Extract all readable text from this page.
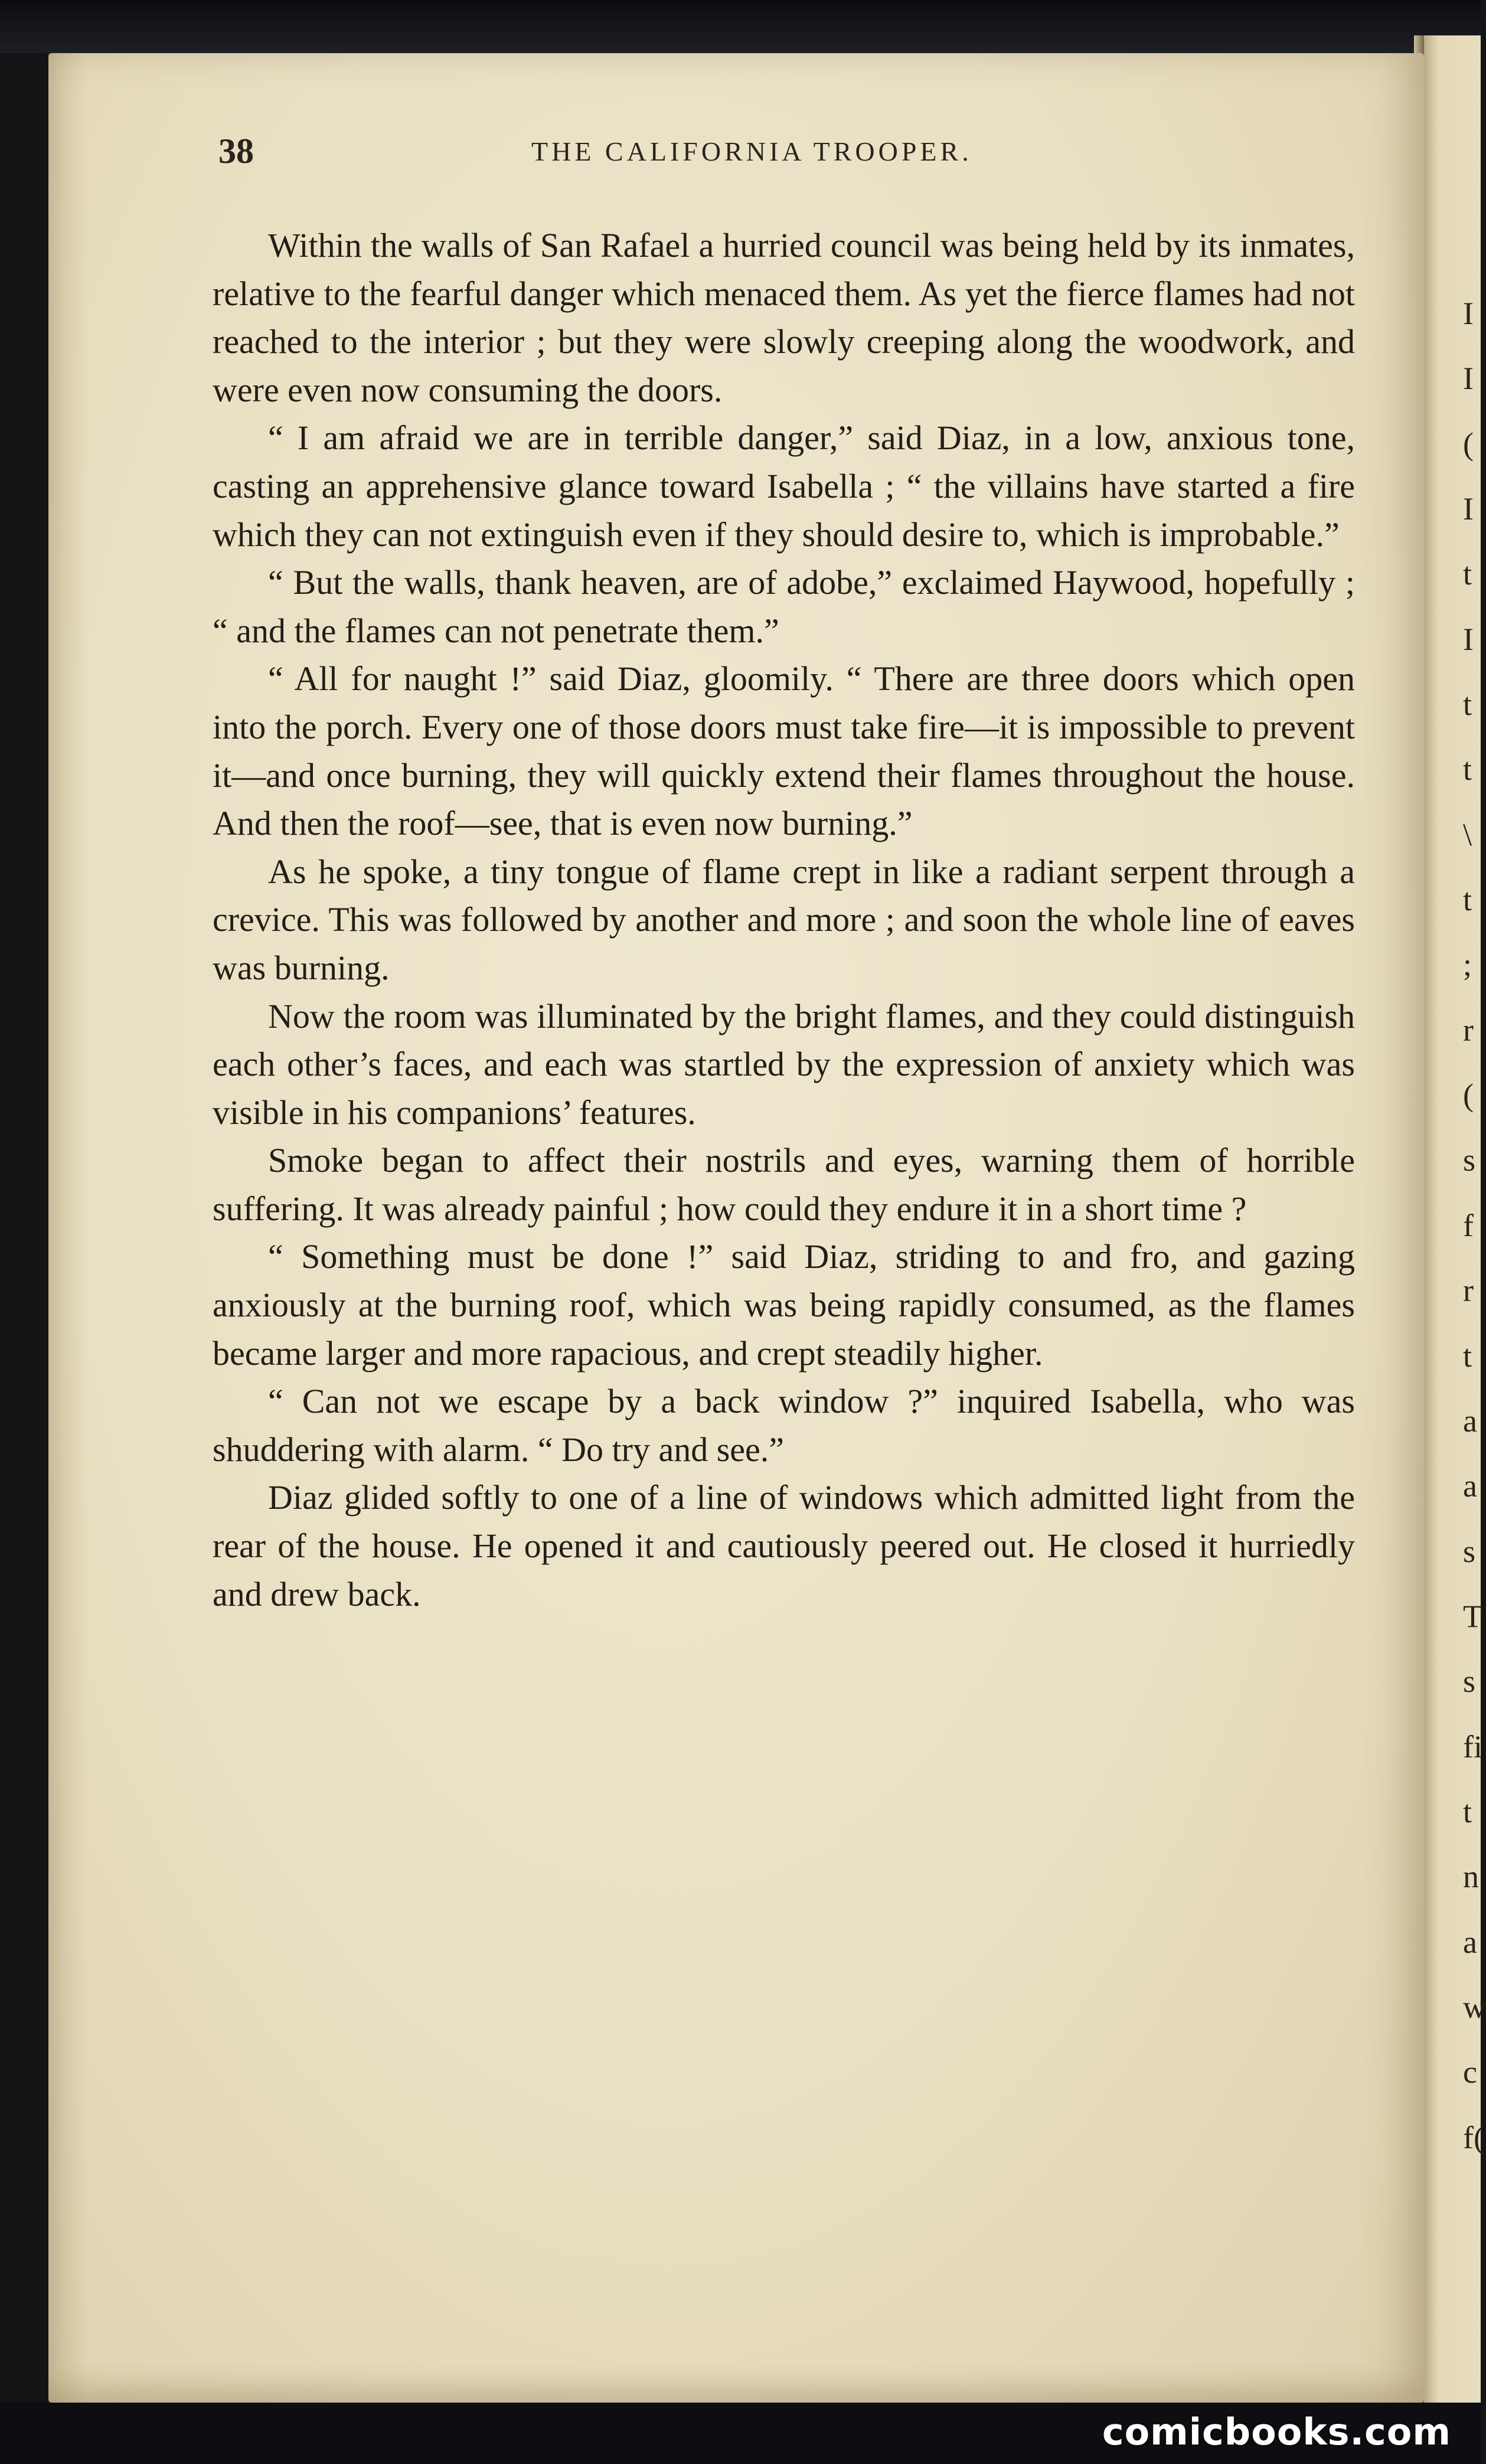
38	THE CALIFORNIA TROOPER.

Within the walls of San Rafael a hurried council was being held by its inmates, relative to the fearful danger which menaced them. As yet the fierce flames had not reached to the interior ; but they were slowly creeping along the woodwork, and were even now consuming the doors.

“ I am afraid we are in terrible danger,” said Diaz, in a low, anxious tone, casting an apprehensive glance toward Isabella ; “ the villains have started a fire which they can not extinguish even if they should desire to, which is improbable.”

“ But the walls, thank heaven, are of adobe,” exclaimed Haywood, hopefully ; “ and the flames can not penetrate them.”

“ All for naught !” said Diaz, gloomily. “ There are three doors which open into the porch. Every one of those doors must take fire—it is impossible to prevent it—and once burning, they will quickly extend their flames throughout the house. And then the roof—see, that is even now burning.”

As he spoke, a tiny tongue of flame crept in like a radiant serpent through a crevice. This was followed by another and more ; and soon the whole line of eaves was burning.

Now the room was illuminated by the bright flames, and they could distinguish each other’s faces, and each was startled by the expression of anxiety which was visible in his companions’ features.

Smoke began to affect their nostrils and eyes, warning them of horrible suffering. It was already painful ; how could they endure it in a short time ?

“ Something must be done !” said Diaz, striding to and fro, and gazing anxiously at the burning roof, which was being rapidly consumed, as the flames became larger and more rapacious, and crept steadily higher.

“ Can not we escape by a back window ?” inquired Isabella, who was shuddering with alarm. “ Do try and see.”

Diaz glided softly to one of a line of windows which admitted light from the rear of the house. He opened it and cautiously peered out. He closed it hurriedly and drew back.

I
I
(
I
t
I
t
t
\
t
;
r
(
s
f
r
t
a
a
s
T
s
fi
t
n
a
w
c
f(
comicbooks.com
